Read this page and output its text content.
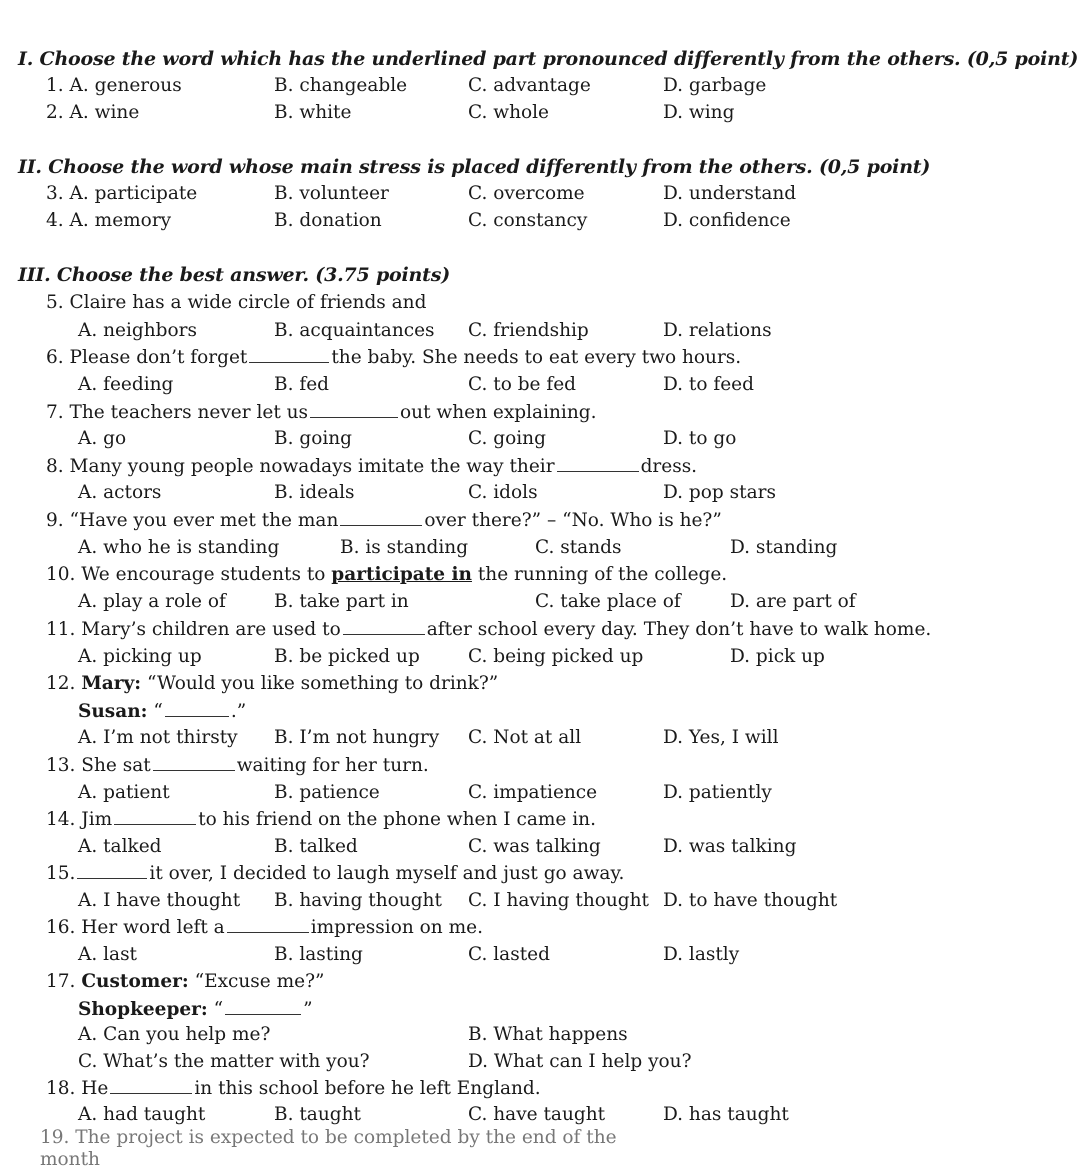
I. Choose the word which has the underlined part pronounced differently from the others. (0,5 point)
1. A. generous	B. changeable	C. advantage	D. garbage
2. A. wine	B. white	C. whole	D. wing
II. Choose the word whose main stress is placed differently from the others. (0,5 point)
3. A. participate	B. volunteer	C. overcome	D. understand
4. A. memory	B. donation	C. constancy	D. confidence
III. Choose the best answer. (3.75 points)
5. Claire has a wide circle of friends and
A. neighbors	B. acquaintances C. friendship	D. relations
6. Please don’t forget	the baby. She needs to eat every two hours.
A. feeding	B. fed	C. to be fed	D. to feed
7. The teachers never let us	out when explaining.
A. go	B. going	C. going	D. to go
8. Many young people nowadays imitate the way their	dress.
A. actors	B. ideals	C. idols	D. pop stars
9. “Have you ever met the man	over there?” – “No. Who is he?”
A. who he is standing	B. is standing	C. stands	D. standing
10. We encourage students to participate in the running of the college.
A. play a role of	B. take part in	C. take place of	D. are part of
11. Mary’s children are used to	after school every day. They don’t have to walk home.
A. picking up	B. be picked up	C. being picked up	D. pick up
12. Mary: “Would you like something to drink?”
Susan: “	.”
A. I’m not thirsty B. I’m not hungry C. Not at all	D. Yes, I will
13. She sat	waiting for her turn.
A. patient	B. patience	C. impatience	D. patiently
14. Jim	to his friend on the phone when I came in.
A. talked	B. talked	C. was talking	D. was talking
15.	it over, I decided to laugh myself and just go away.
A. I have thought B. having thought C. I having thought D. to have thought
16. Her word left a	impression on me.
A. last	B. lasting	C. lasted	D. lastly
17. Customer: “Excuse me?”
Shopkeeper: “	”
A. Can you help me?	B. What happens
C. What’s the matter with you?	D. What can I help you?
18. He	in this school before he left England.
A. had taught	B. taught	C. have taught	D. has taught
19. The project is expected to be completed by the end of the month
